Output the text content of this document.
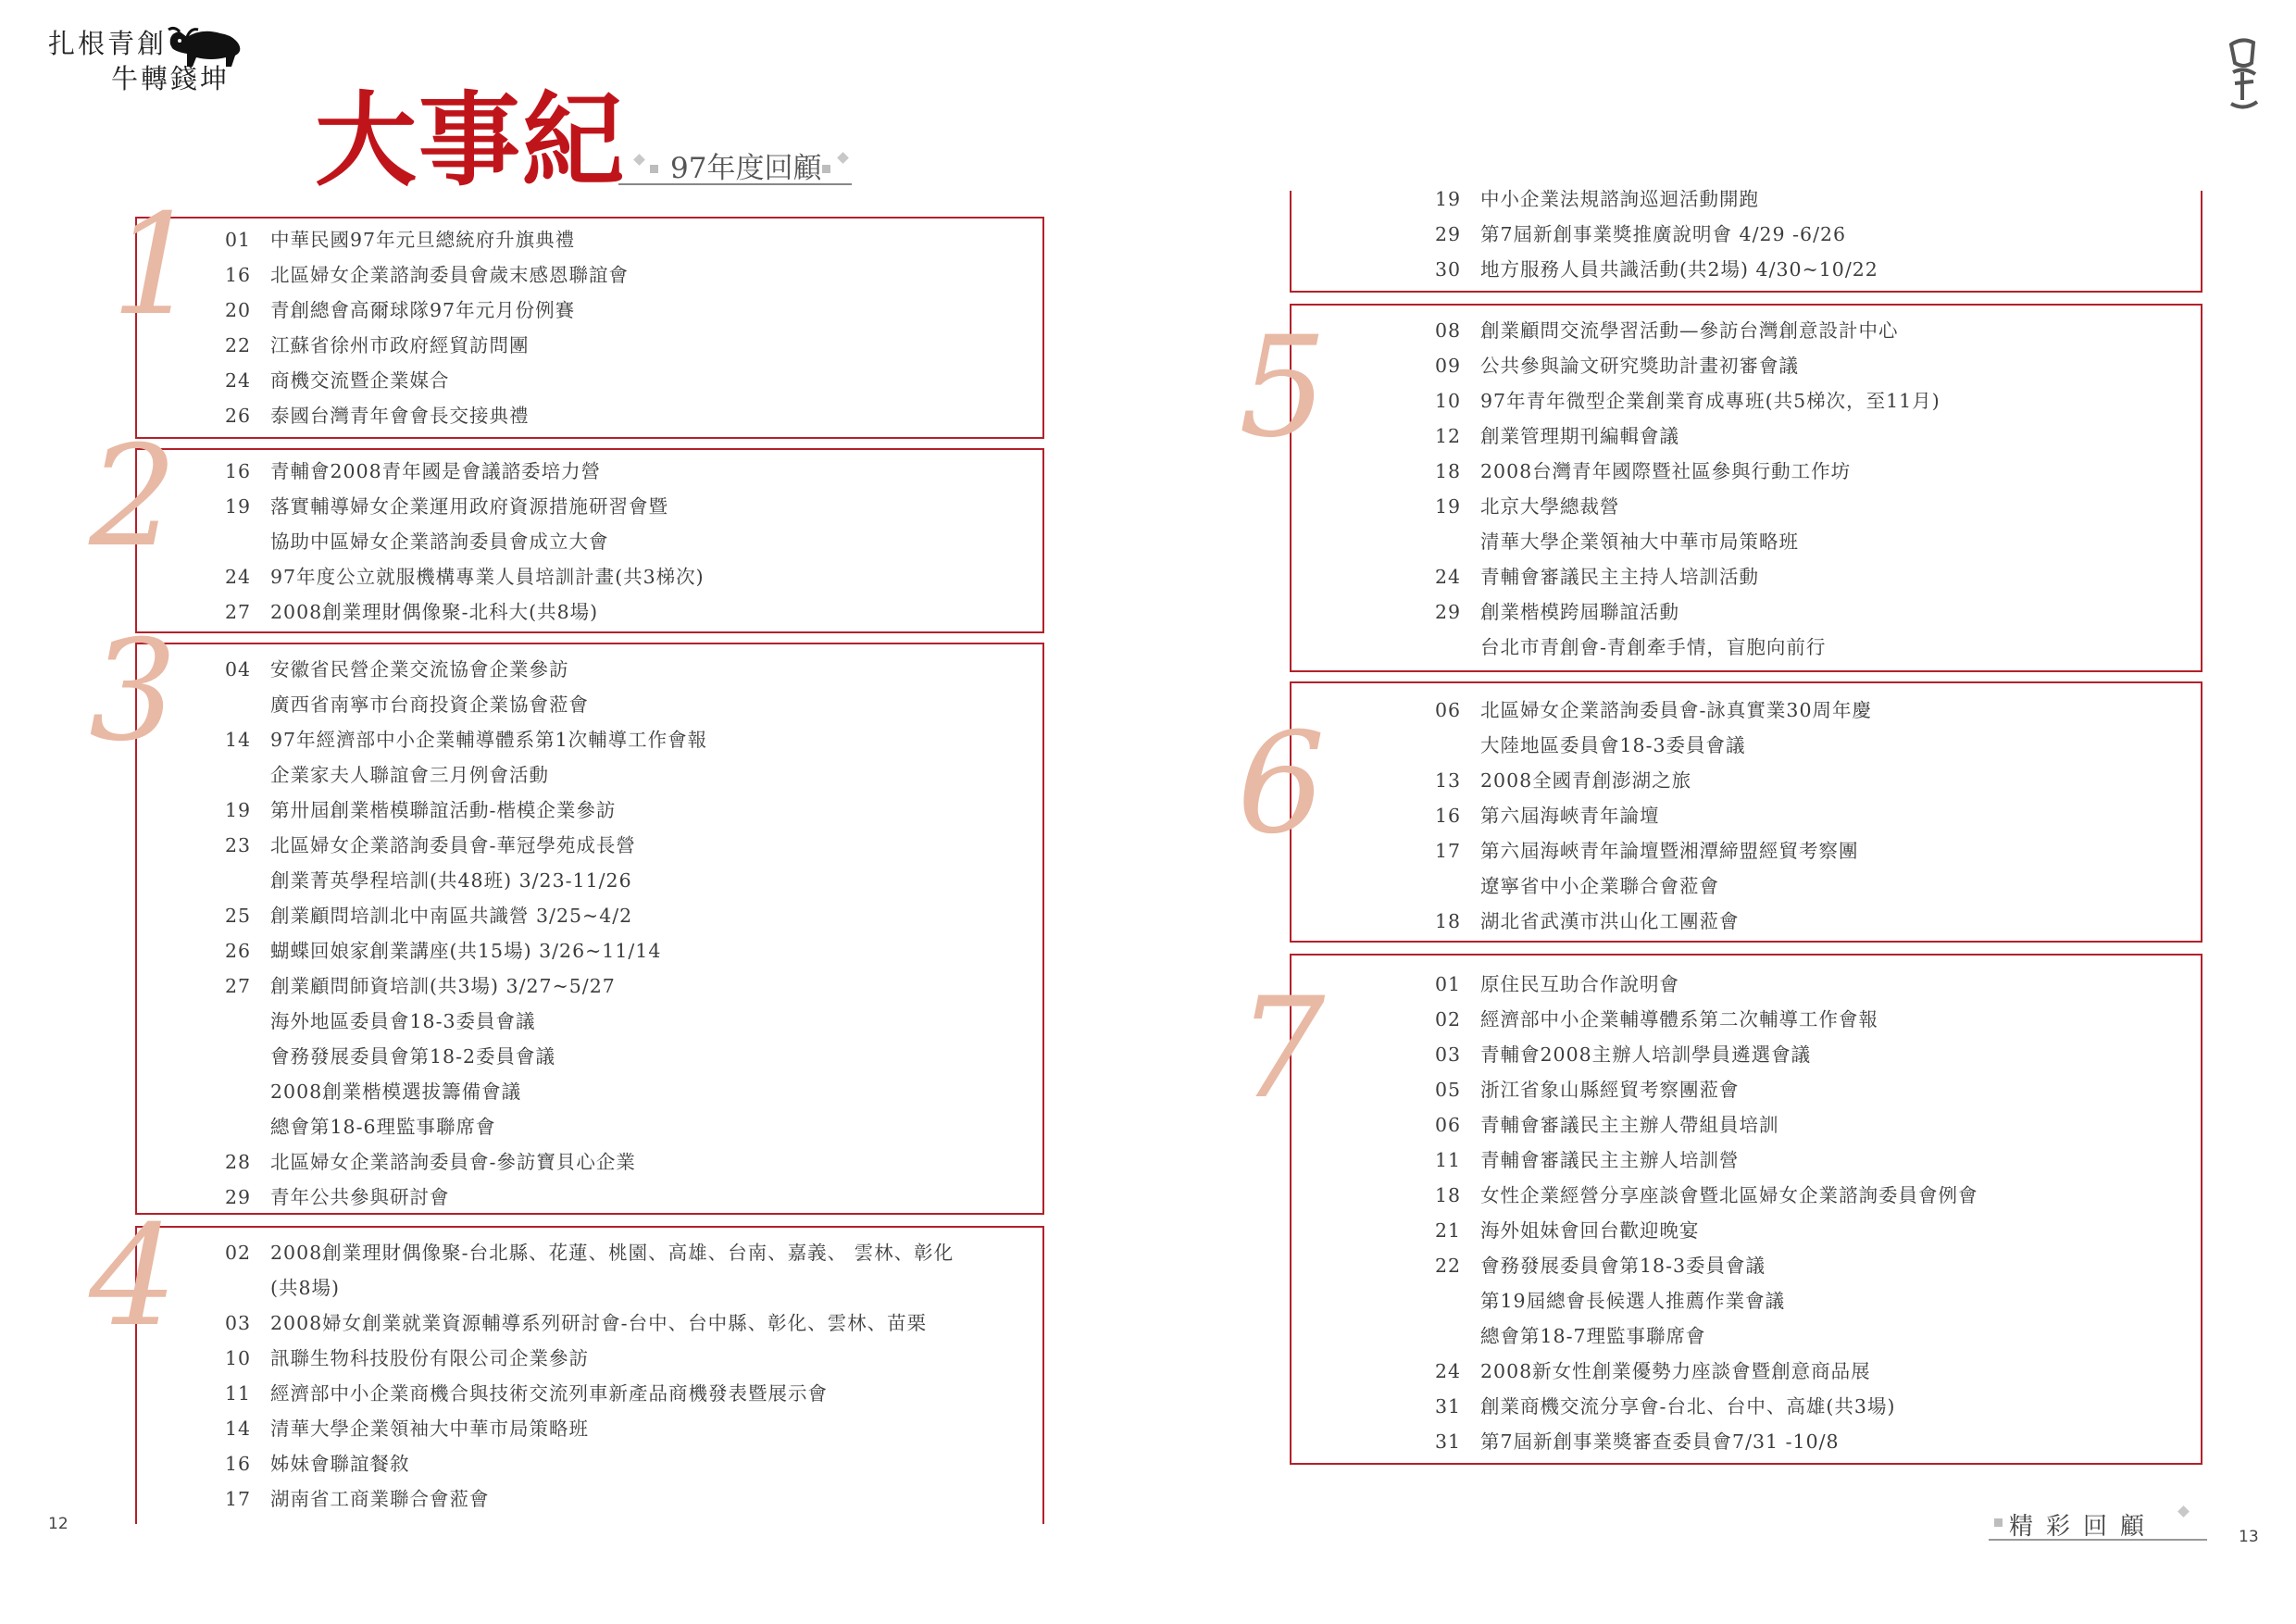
扎根青創
牛轉錢坤
大事紀 97年度回顧
1 01 中華民國97年元旦總統府升旗典禮
16 北區婦女企業諮詢委員會歲末感恩聯誼會
20 青創總會高爾球隊97年元月份例賽
22 江蘇省徐州市政府經貿訪問團
24 商機交流暨企業媒合
26 泰國台灣青年會會長交接典禮
2	16 青輔會2008青年國是會議諮委培力營
19 落實輔導婦女企業運用政府資源措施研習會暨
協助中區婦女企業諮詢委員會成立大會
24 97年度公立就服機構專業人員培訓計畫(共3梯次)
27 2008創業理財偶像聚-北科大(共8場)
3	04 安徽省民營企業交流協會企業參訪
廣西省南寧市台商投資企業協會蒞會
14 97年經濟部中小企業輔導體系第1次輔導工作會報
企業家夫人聯誼會三月例會活動
19 第卅屆創業楷模聯誼活動-楷模企業參訪
23 北區婦女企業諮詢委員會-華冠學苑成長營
創業菁英學程培訓(共48班) 3/23-11/26
25 創業顧問培訓北中南區共識營 3/25~4/2
26 蝴蝶回娘家創業講座(共15場) 3/26~11/14
27 創業顧問師資培訓(共3場) 3/27~5/27
海外地區委員會18-3委員會議
會務發展委員會第18-2委員會議
2008創業楷模選拔籌備會議
總會第18-6理監事聯席會
28 北區婦女企業諮詢委員會-參訪寶貝心企業
29 青年公共參與研討會
4	02 2008創業理財偶像聚-台北縣、花蓮、桃園、高雄、台南、嘉義、 雲林、彰化
(共8場)
03 2008婦女創業就業資源輔導系列研討會-台中、台中縣、彰化、雲林、苗栗
10 訊聯生物科技股份有限公司企業參訪
11 經濟部中小企業商機合與技術交流列車新產品商機發表暨展示會
14 清華大學企業領袖大中華市局策略班
16 姊妹會聯誼餐敘
17 湖南省工商業聯合會蒞會
12
19 中小企業法規諮詢巡迴活動開跑
29 第7屆新創事業獎推廣說明會 4/29 -6/26
30 地方服務人員共識活動(共2場) 4/30~10/22
5	08 創業顧問交流學習活動—參訪台灣創意設計中心
09 公共參與論文研究獎助計畫初審會議
10 97年青年微型企業創業育成專班(共5梯次，至11月)
12 創業管理期刊編輯會議
18 2008台灣青年國際暨社區參與行動工作坊
19 北京大學總裁營
清華大學企業領袖大中華市局策略班
24 青輔會審議民主主持人培訓活動
29 創業楷模跨屆聯誼活動
台北市青創會-青創牽手情，盲胞向前行
6	06 北區婦女企業諮詢委員會-詠真實業30周年慶
大陸地區委員會18-3委員會議
13 2008全國青創澎湖之旅
16 第六屆海峽青年論壇
17 第六屆海峽青年論壇暨湘潭締盟經貿考察團
遼寧省中小企業聯合會蒞會
18 湖北省武漢市洪山化工團蒞會
7	01 原住民互助合作說明會
02 經濟部中小企業輔導體系第二次輔導工作會報
03 青輔會2008主辦人培訓學員遴選會議
05 浙江省象山縣經貿考察團蒞會
06 青輔會審議民主主辦人帶組員培訓
11 青輔會審議民主主辦人培訓營
18 女性企業經營分享座談會暨北區婦女企業諮詢委員會例會
21 海外姐妹會回台歡迎晚宴
22 會務發展委員會第18-3委員會議
第19屆總會長候選人推薦作業會議
總會第18-7理監事聯席會
24 2008新女性創業優勢力座談會暨創意商品展
31 創業商機交流分享會-台北、台中、高雄(共3場)
31 第7屆新創事業獎審查委員會7/31 -10/8
精彩回顧	13
